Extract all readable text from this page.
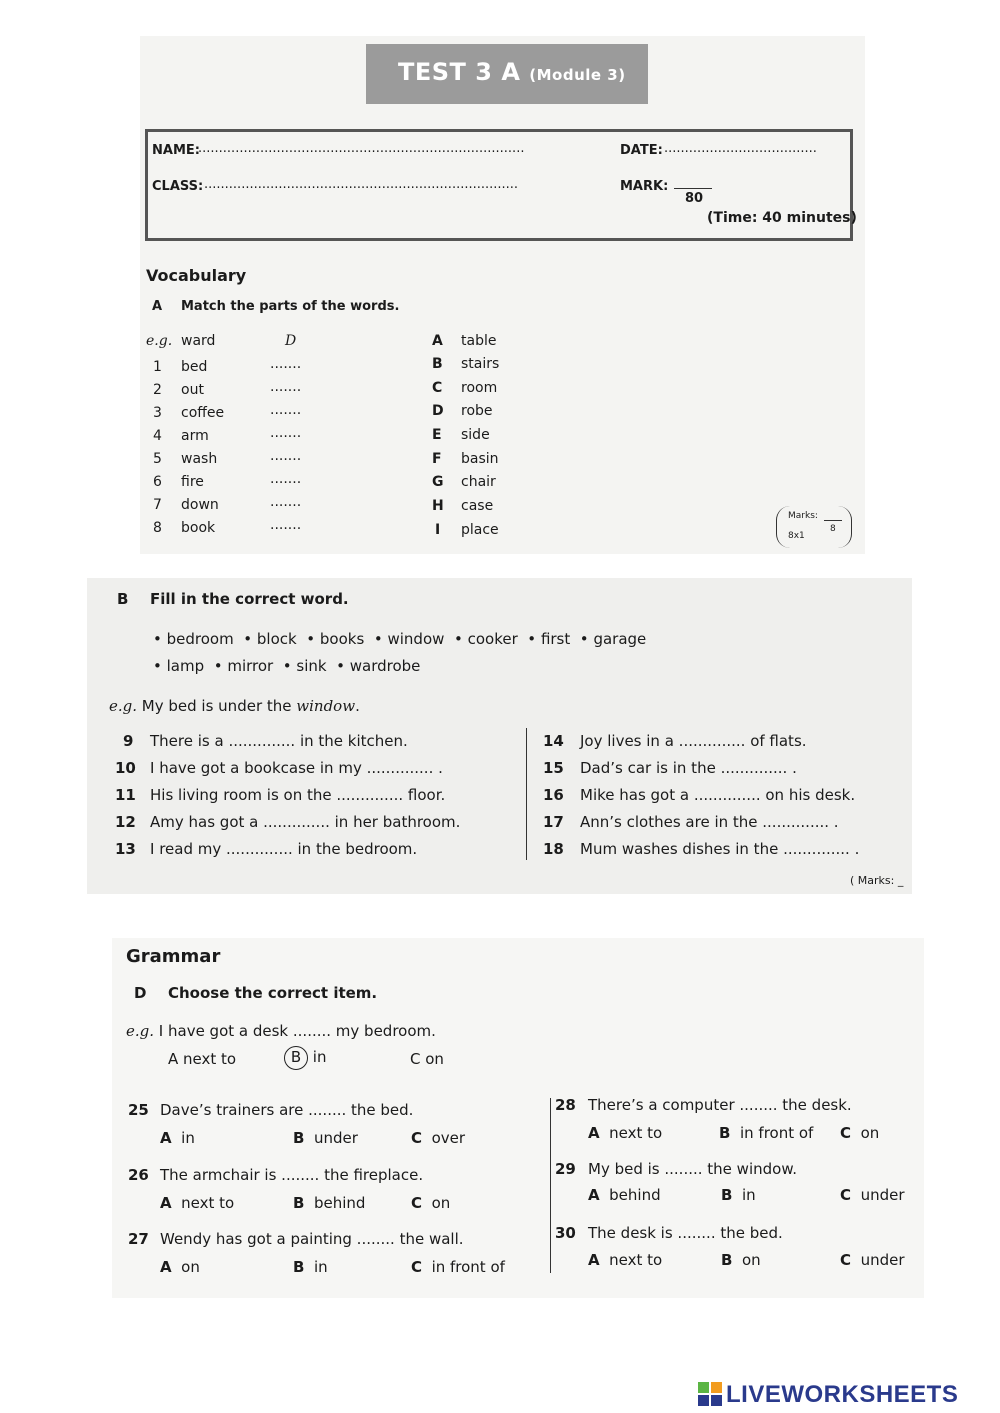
TEST 3 A (Module 3)
NAME:
...............................................................................	DATE: .....................................
CLASS: ............................................................................	MARK:
80
(Time: 40 minutes)
Vocabulary
A Match the parts of the words.
e.g. ward	D
1 bed	.......
2 out	.......
3 coffee	.......
4 arm	.......
5 wash	.......
6 fire	.......
7 down	.......
8 book	.......
A table
B stairs
C room
D robe
E side
F basin
G chair
H case
I place
Marks:
8x1
8
B Fill in the correct word.
• bedroom • block • books • window • cooker • first • garage
• lamp • mirror • sink • wardrobe
e.g. My bed is under the window.
9 There is a .............. in the kitchen.
10 I have got a bookcase in my .............. .
11 His living room is on the .............. floor.
12 Amy has got a .............. in her bathroom.
13 I read my .............. in the bedroom.
14 Joy lives in a .............. of flats.
15 Dad’s car is in the .............. .
16 Mike has got a .............. on his desk.
17 Ann’s clothes are in the .............. .
18 Mum washes dishes in the .............. .
( Marks: _
Grammar
D Choose the correct item.
e.g. I have got a desk ........ my bedroom.
A next to	B in	C on
25 Dave’s trainers are ........ the bed.
A in	B under	C over
26 The armchair is ........ the fireplace.
A next to	B behind	C on
27 Wendy has got a painting ........ the wall.
A on	B in	C in front of
28 There’s a computer ........ the desk.
A next to	B in front of C on
29 My bed is ........ the window.
A behind	B in	C under
30 The desk is ........ the bed.
A next to	B on	C under
LIVEWORKSHEETS
